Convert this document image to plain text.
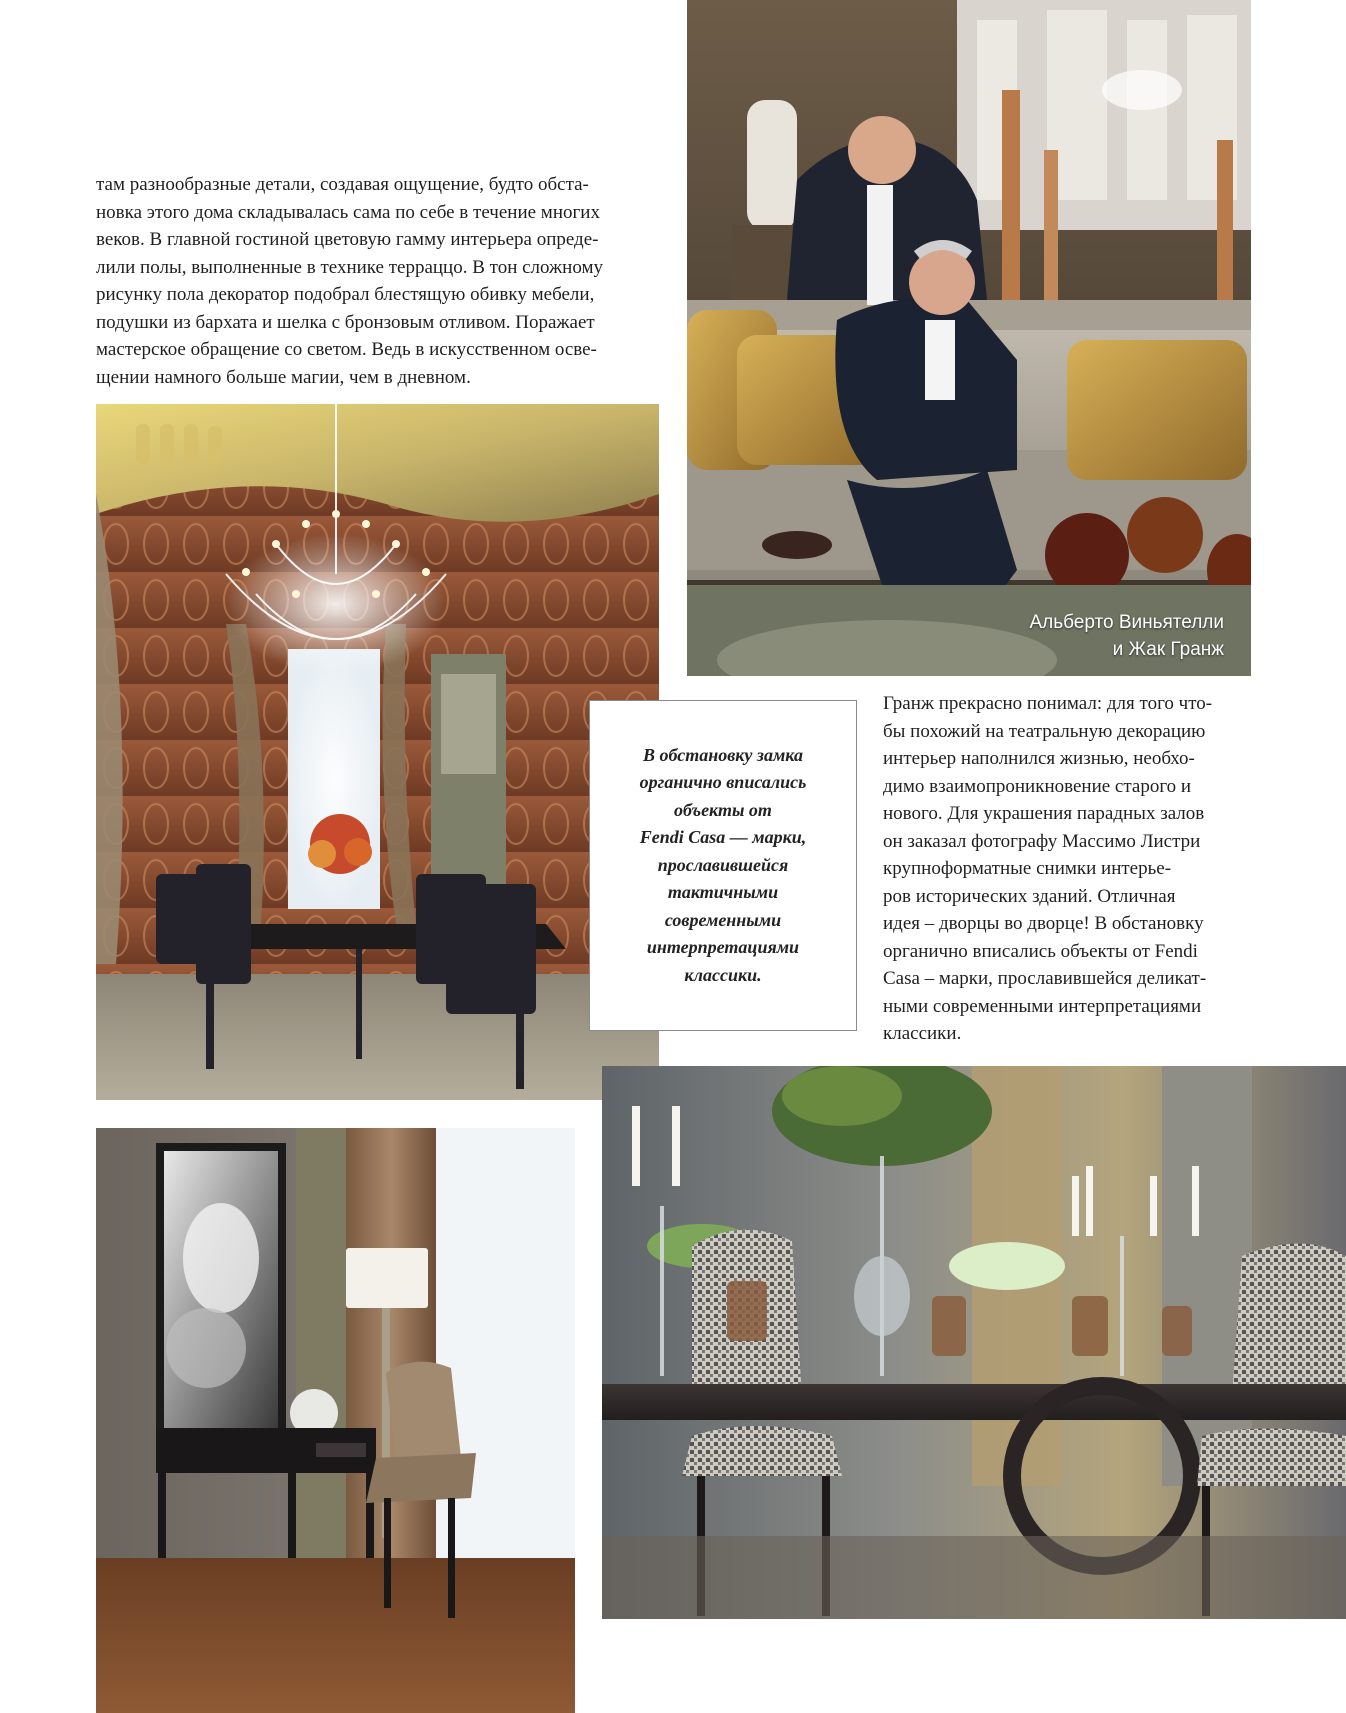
Альберто Виньятелли
и Жак Гранж
там разнообразные детали, создавая ощущение, будто обста-
новка этого дома складывалась сама по себе в течение многих
веков. В главной гостиной цветовую гамму интерьера опреде-
лили полы, выполненные в технике терраццо. В тон сложному
рисунку пола декоратор подобрал блестящую обивку мебели,
подушки из бархата и шелка с бронзовым отливом. Поражает
мастерское обращение со светом. Ведь в искусственном осве-
щении намного больше магии, чем в дневном.
В обстановку замка
органично вписались
объекты от
Fendi Casa — марки,
прославившейся
тактичными
современными
интерпретациями
классики.
Гранж прекрасно понимал: для того что-
бы похожий на театральную декорацию
интерьер наполнился жизнью, необхо-
димо взаимопроникновение старого и
нового. Для украшения парадных залов
он заказал фотографу Массимо Листри
крупноформатные снимки интерье-
ров исторических зданий. Отличная
идея – дворцы во дворце! В обстановку
органично вписались объекты от Fendi
Casa – марки, прославившейся деликат-
ными современными интерпретациями
классики.
